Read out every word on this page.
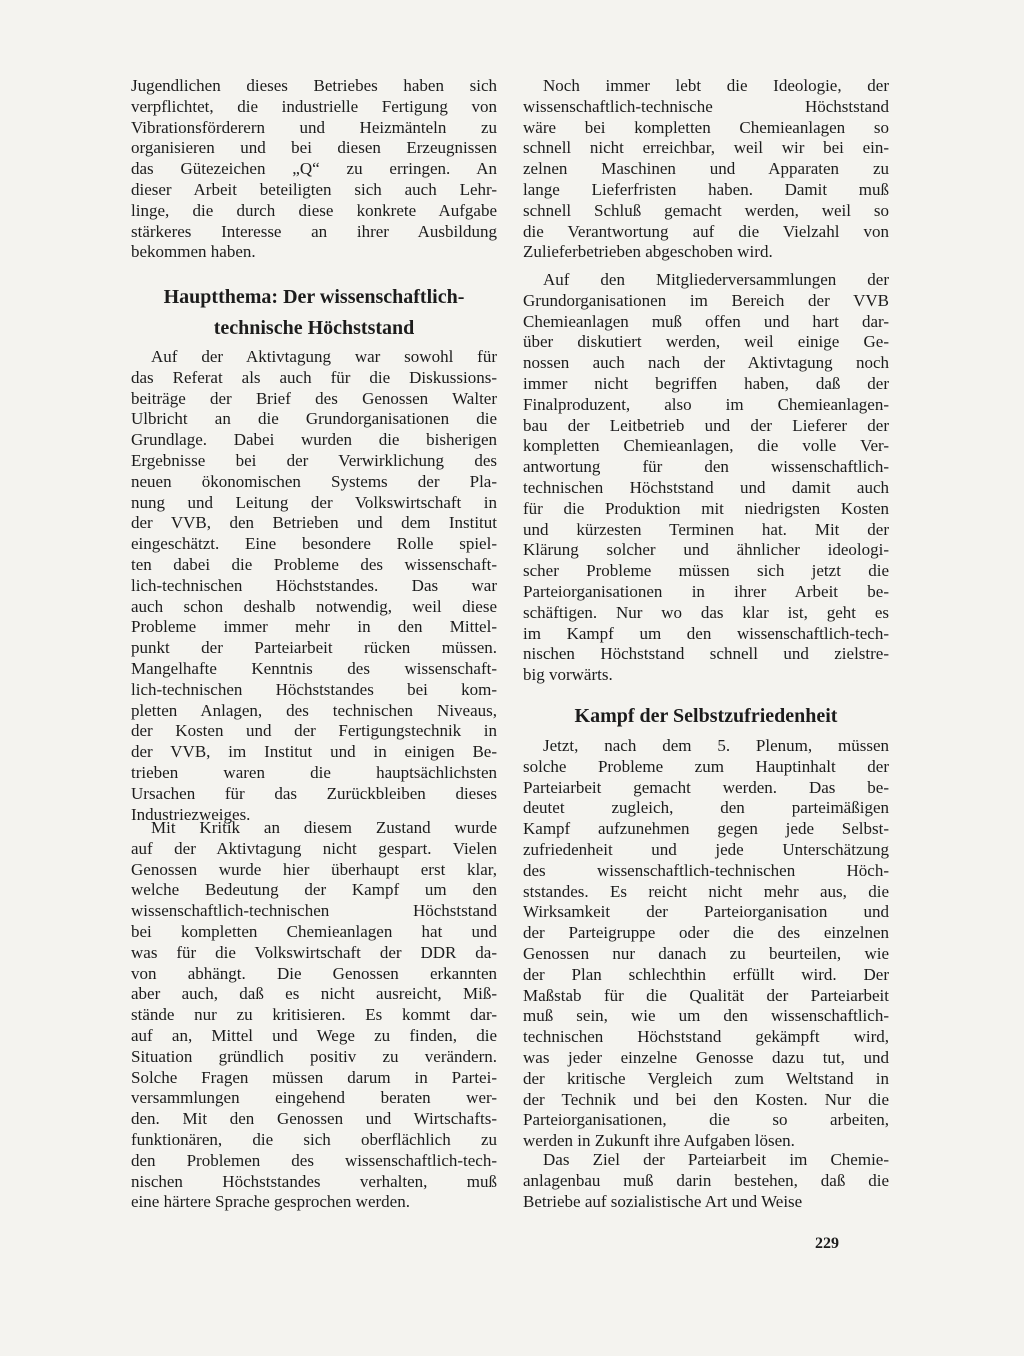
Jugendlichen dieses Betriebes haben sich
verpflichtet, die industrielle Fertigung von
Vibrationsförderern und Heizmänteln zu
organisieren und bei diesen Erzeugnissen
das Gütezeichen „Q“ zu erringen. An
dieser Arbeit beteiligten sich auch Lehr-
linge, die durch diese konkrete Aufgabe
stärkeres Interesse an ihrer Ausbildung
bekommen haben.
Hauptthema: Der wissenschaftlich-
technische Höchststand
Auf der Aktivtagung war sowohl für
das Referat als auch für die Diskussions-
beiträge der Brief des Genossen Walter
Ulbricht an die Grundorganisationen die
Grundlage. Dabei wurden die bisherigen
Ergebnisse bei der Verwirklichung des
neuen ökonomischen Systems der Pla-
nung und Leitung der Volkswirtschaft in
der VVB, den Betrieben und dem Institut
eingeschätzt. Eine besondere Rolle spiel-
ten dabei die Probleme des wissenschaft-
lich-technischen Höchststandes. Das war
auch schon deshalb notwendig, weil diese
Probleme immer mehr in den Mittel-
punkt der Parteiarbeit rücken müssen.
Mangelhafte Kenntnis des wissenschaft-
lich-technischen Höchststandes bei kom-
pletten Anlagen, des technischen Niveaus,
der Kosten und der Fertigungstechnik in
der VVB, im Institut und in einigen Be-
trieben waren die hauptsächlichsten
Ursachen für das Zurückbleiben dieses
Industriezweiges.
Mit Kritik an diesem Zustand wurde
auf der Aktivtagung nicht gespart. Vielen
Genossen wurde hier überhaupt erst klar,
welche Bedeutung der Kampf um den
wissenschaftlich-technischen Höchststand
bei kompletten Chemieanlagen hat und
was für die Volkswirtschaft der DDR da-
von abhängt. Die Genossen erkannten
aber auch, daß es nicht ausreicht, Miß-
stände nur zu kritisieren. Es kommt dar-
auf an, Mittel und Wege zu finden, die
Situation gründlich positiv zu verändern.
Solche Fragen müssen darum in Partei-
versammlungen eingehend beraten wer-
den. Mit den Genossen und Wirtschafts-
funktionären, die sich oberflächlich zu
den Problemen des wissenschaftlich-tech-
nischen Höchststandes verhalten, muß
eine härtere Sprache gesprochen werden.
Noch immer lebt die Ideologie, der
wissenschaftlich-technische Höchststand
wäre bei kompletten Chemieanlagen so
schnell nicht erreichbar, weil wir bei ein-
zelnen Maschinen und Apparaten zu
lange Lieferfristen haben. Damit muß
schnell Schluß gemacht werden, weil so
die Verantwortung auf die Vielzahl von
Zulieferbetrieben abgeschoben wird.
Auf den Mitgliederversammlungen der
Grundorganisationen im Bereich der VVB
Chemieanlagen muß offen und hart dar-
über diskutiert werden, weil einige Ge-
nossen auch nach der Aktivtagung noch
immer nicht begriffen haben, daß der
Finalproduzent, also im Chemieanlagen-
bau der Leitbetrieb und der Lieferer der
kompletten Chemieanlagen, die volle Ver-
antwortung für den wissenschaftlich-
technischen Höchststand und damit auch
für die Produktion mit niedrigsten Kosten
und kürzesten Terminen hat. Mit der
Klärung solcher und ähnlicher ideologi-
scher Probleme müssen sich jetzt die
Parteiorganisationen in ihrer Arbeit be-
schäftigen. Nur wo das klar ist, geht es
im Kampf um den wissenschaftlich-tech-
nischen Höchststand schnell und zielstre-
big vorwärts.
Kampf der Selbstzufriedenheit
Jetzt, nach dem 5. Plenum, müssen
solche Probleme zum Hauptinhalt der
Parteiarbeit gemacht werden. Das be-
deutet zugleich, den parteimäßigen
Kampf aufzunehmen gegen jede Selbst-
zufriedenheit und jede Unterschätzung
des wissenschaftlich-technischen Höch-
ststandes. Es reicht nicht mehr aus, die
Wirksamkeit der Parteiorganisation und
der Parteigruppe oder die des einzelnen
Genossen nur danach zu beurteilen, wie
der Plan schlechthin erfüllt wird. Der
Maßstab für die Qualität der Parteiarbeit
muß sein, wie um den wissenschaftlich-
technischen Höchststand gekämpft wird,
was jeder einzelne Genosse dazu tut, und
der kritische Vergleich zum Weltstand in
der Technik und bei den Kosten. Nur die
Parteiorganisationen, die so arbeiten,
werden in Zukunft ihre Aufgaben lösen.
Das Ziel der Parteiarbeit im Chemie-
anlagenbau muß darin bestehen, daß die
Betriebe auf sozialistische Art und Weise
229
